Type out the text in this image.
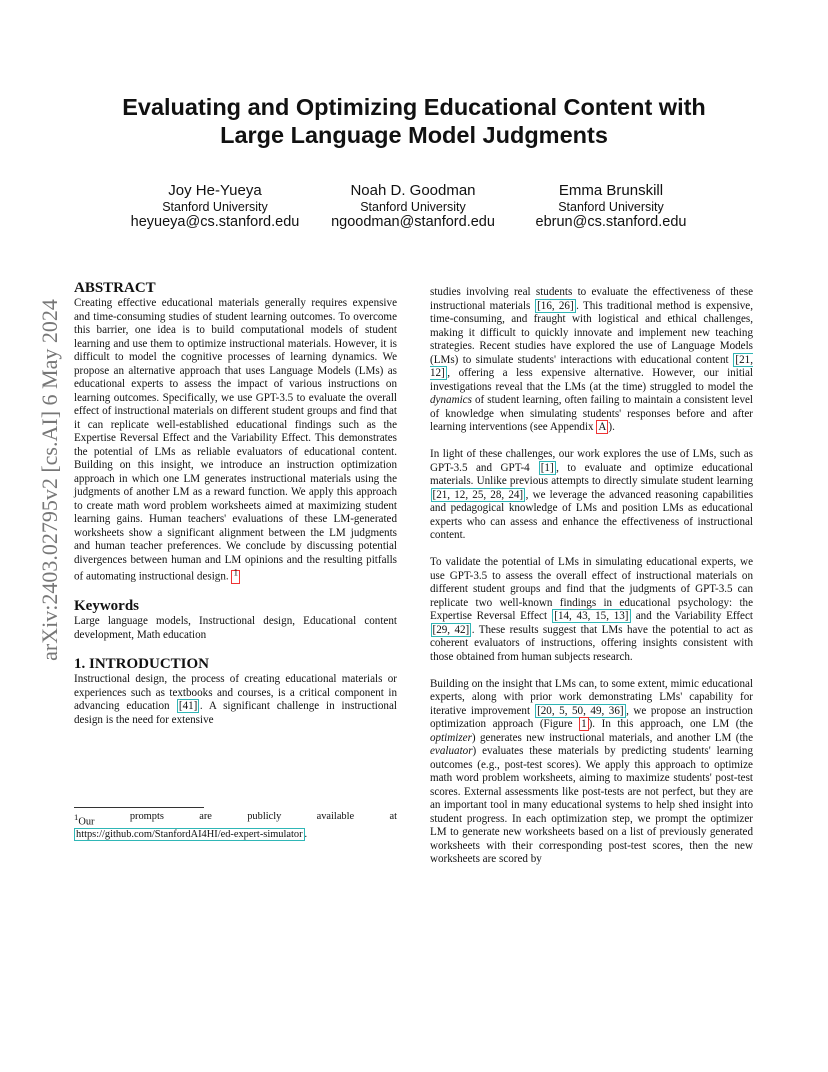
arXiv:2403.02795v2 [cs.AI] 6 May 2024
Evaluating and Optimizing Educational Content with
Large Language Model Judgments
Joy He-Yueya
Stanford University
heyueya@cs.stanford.edu
Noah D. Goodman
Stanford University
ngoodman@stanford.edu
Emma Brunskill
Stanford University
ebrun@cs.stanford.edu
ABSTRACT

Creating effective educational materials generally requires expensive and time-consuming studies of student learning outcomes. To overcome this barrier, one idea is to build computational models of student learning and use them to optimize instructional materials. However, it is difficult to model the cognitive processes of learning dynamics. We propose an alternative approach that uses Language Models (LMs) as educational experts to assess the impact of various instructions on learning outcomes. Specifically, we use GPT-3.5 to evaluate the overall effect of instructional materials on different student groups and find that it can replicate well-established educational findings such as the Expertise Reversal Effect and the Variability Effect. This demonstrates the potential of LMs as reliable evaluators of educational content. Building on this insight, we introduce an instruction optimization approach in which one LM generates instructional materials using the judgments of another LM as a reward function. We apply this approach to create math word problem worksheets aimed at maximizing student learning gains. Human teachers' evaluations of these LM-generated worksheets show a significant alignment between the LM judgments and human teacher preferences. We conclude by discussing potential divergences between human and LM opinions and the resulting pitfalls of automating instructional design. $^1$

Keywords

Large language models, Instructional design, Educational content development, Math education

1. INTRODUCTION

Instructional design, the process of creating educational materials or experiences such as textbooks and courses, is a critical component in advancing education [41] . A significant challenge in instructional design is the need for extensive

$^1$Our	prompts	are	publicly	available	at
https://github.com/StanfordAI4HI/ed-expert-simulator .

studies involving real students to evaluate the effectiveness of these instructional materials [16, 26] . This traditional method is expensive, time-consuming, and fraught with logistical and ethical challenges, making it difficult to quickly innovate and implement new teaching strategies. Recent studies have explored the use of Language Models (LMs) to simulate students' interactions with educational content [21, 12] , offering a less expensive alternative. However, our initial investigations reveal that the LMs (at the time) struggled to model the dynamics of student learning, often failing to maintain a consistent level of knowledge when simulating students' responses before and after learning interventions (see Appendix A ).

In light of these challenges, our work explores the use of LMs, such as GPT-3.5 and GPT-4 [1] , to evaluate and optimize educational materials. Unlike previous attempts to directly simulate student learning [21, 12, 25, 28, 24] , we leverage the advanced reasoning capabilities and pedagogical knowledge of LMs and position LMs as educational experts who can assess and enhance the effectiveness of instructional content.

To validate the potential of LMs in simulating educational experts, we use GPT-3.5 to assess the overall effect of instructional materials on different student groups and find that the judgments of GPT-3.5 can replicate two well-known findings in educational psychology: the Expertise Reversal Effect [14, 43, 15, 13] and the Variability Effect [29, 42] . These results suggest that LMs have the potential to act as coherent evaluators of instructions, offering insights consistent with those obtained from human subjects research.

Building on the insight that LMs can, to some extent, mimic educational experts, along with prior work demonstrating LMs' capability for iterative improvement [20, 5, 50, 49, 36] , we propose an instruction optimization approach (Figure 1 ). In this approach, one LM (the optimizer) generates new instructional materials, and another LM (the evaluator) evaluates these materials by predicting students' learning outcomes (e.g., post-test scores). We apply this approach to optimize math word problem worksheets, aiming to maximize students' post-test scores. External assessments like post-tests are not perfect, but they are an important tool in many educational systems to help shed insight into student progress. In each optimization step, we prompt the optimizer LM to generate new worksheets based on a list of previously generated worksheets with their corresponding post-test scores, then the new worksheets are scored by
